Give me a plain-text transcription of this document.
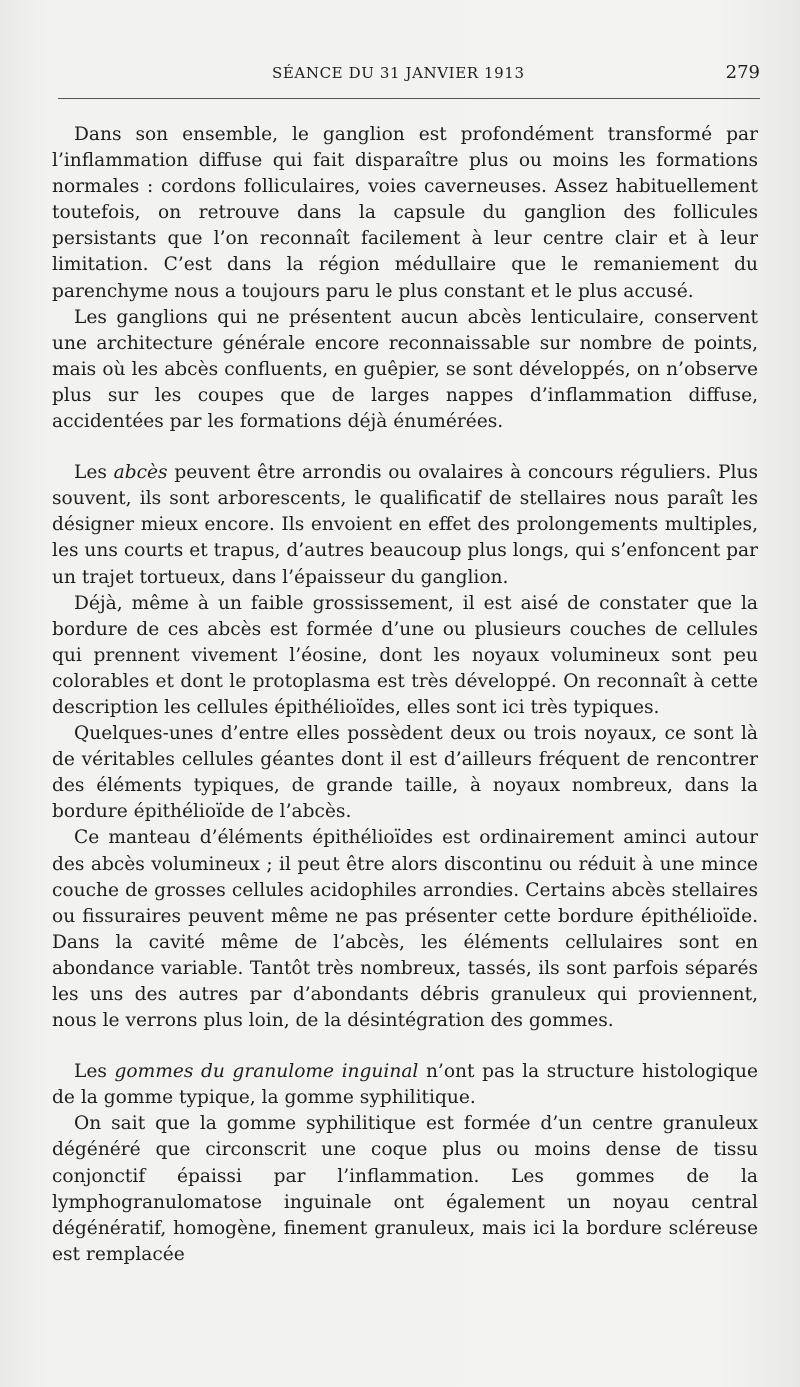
SÉANCE DU 31 JANVIER 1913	279

Dans son ensemble, le ganglion est profondément transformé par l’inflammation diffuse qui fait disparaître plus ou moins les formations normales : cordons folliculaires, voies caverneuses. Assez habituellement toutefois, on retrouve dans la capsule du ganglion des follicules persistants que l’on reconnaît facilement à leur centre clair et à leur limitation. C’est dans la région médullaire que le remaniement du parenchyme nous a toujours paru le plus constant et le plus accusé.

Les ganglions qui ne présentent aucun abcès lenticulaire, conservent une architecture générale encore reconnaissable sur nombre de points, mais où les abcès confluents, en guêpier, se sont développés, on n’observe plus sur les coupes que de larges nappes d’inflammation diffuse, accidentées par les formations déjà énumérées.

Les abcès peuvent être arrondis ou ovalaires à concours réguliers. Plus souvent, ils sont arborescents, le qualificatif de stellaires nous paraît les désigner mieux encore. Ils envoient en effet des prolongements multiples, les uns courts et trapus, d’autres beaucoup plus longs, qui s’enfoncent par un trajet tortueux, dans l’épaisseur du ganglion.

Déjà, même à un faible grossissement, il est aisé de constater que la bordure de ces abcès est formée d’une ou plusieurs couches de cellules qui prennent vivement l’éosine, dont les noyaux volumineux sont peu colorables et dont le protoplasma est très développé. On reconnaît à cette description les cellules épithélioïdes, elles sont ici très typiques.

Quelques-unes d’entre elles possèdent deux ou trois noyaux, ce sont là de véritables cellules géantes dont il est d’ailleurs fréquent de rencontrer des éléments typiques, de grande taille, à noyaux nombreux, dans la bordure épithélioïde de l’abcès.

Ce manteau d’éléments épithélioïdes est ordinairement aminci autour des abcès volumineux ; il peut être alors discontinu ou réduit à une mince couche de grosses cellules acidophiles arrondies. Certains abcès stellaires ou fissuraires peuvent même ne pas présenter cette bordure épithélioïde. Dans la cavité même de l’abcès, les éléments cellulaires sont en abondance variable. Tantôt très nombreux, tassés, ils sont parfois séparés les uns des autres par d’abondants débris granuleux qui proviennent, nous le verrons plus loin, de la désintégration des gommes.

Les gommes du granulome inguinal n’ont pas la structure histologique de la gomme typique, la gomme syphilitique.

On sait que la gomme syphilitique est formée d’un centre granuleux dégénéré que circonscrit une coque plus ou moins dense de tissu conjonctif épaissi par l’inflammation. Les gommes de la lymphogranulomatose inguinale ont également un noyau central dégénératif, homogène, finement granuleux, mais ici la bordure scléreuse est remplacée
